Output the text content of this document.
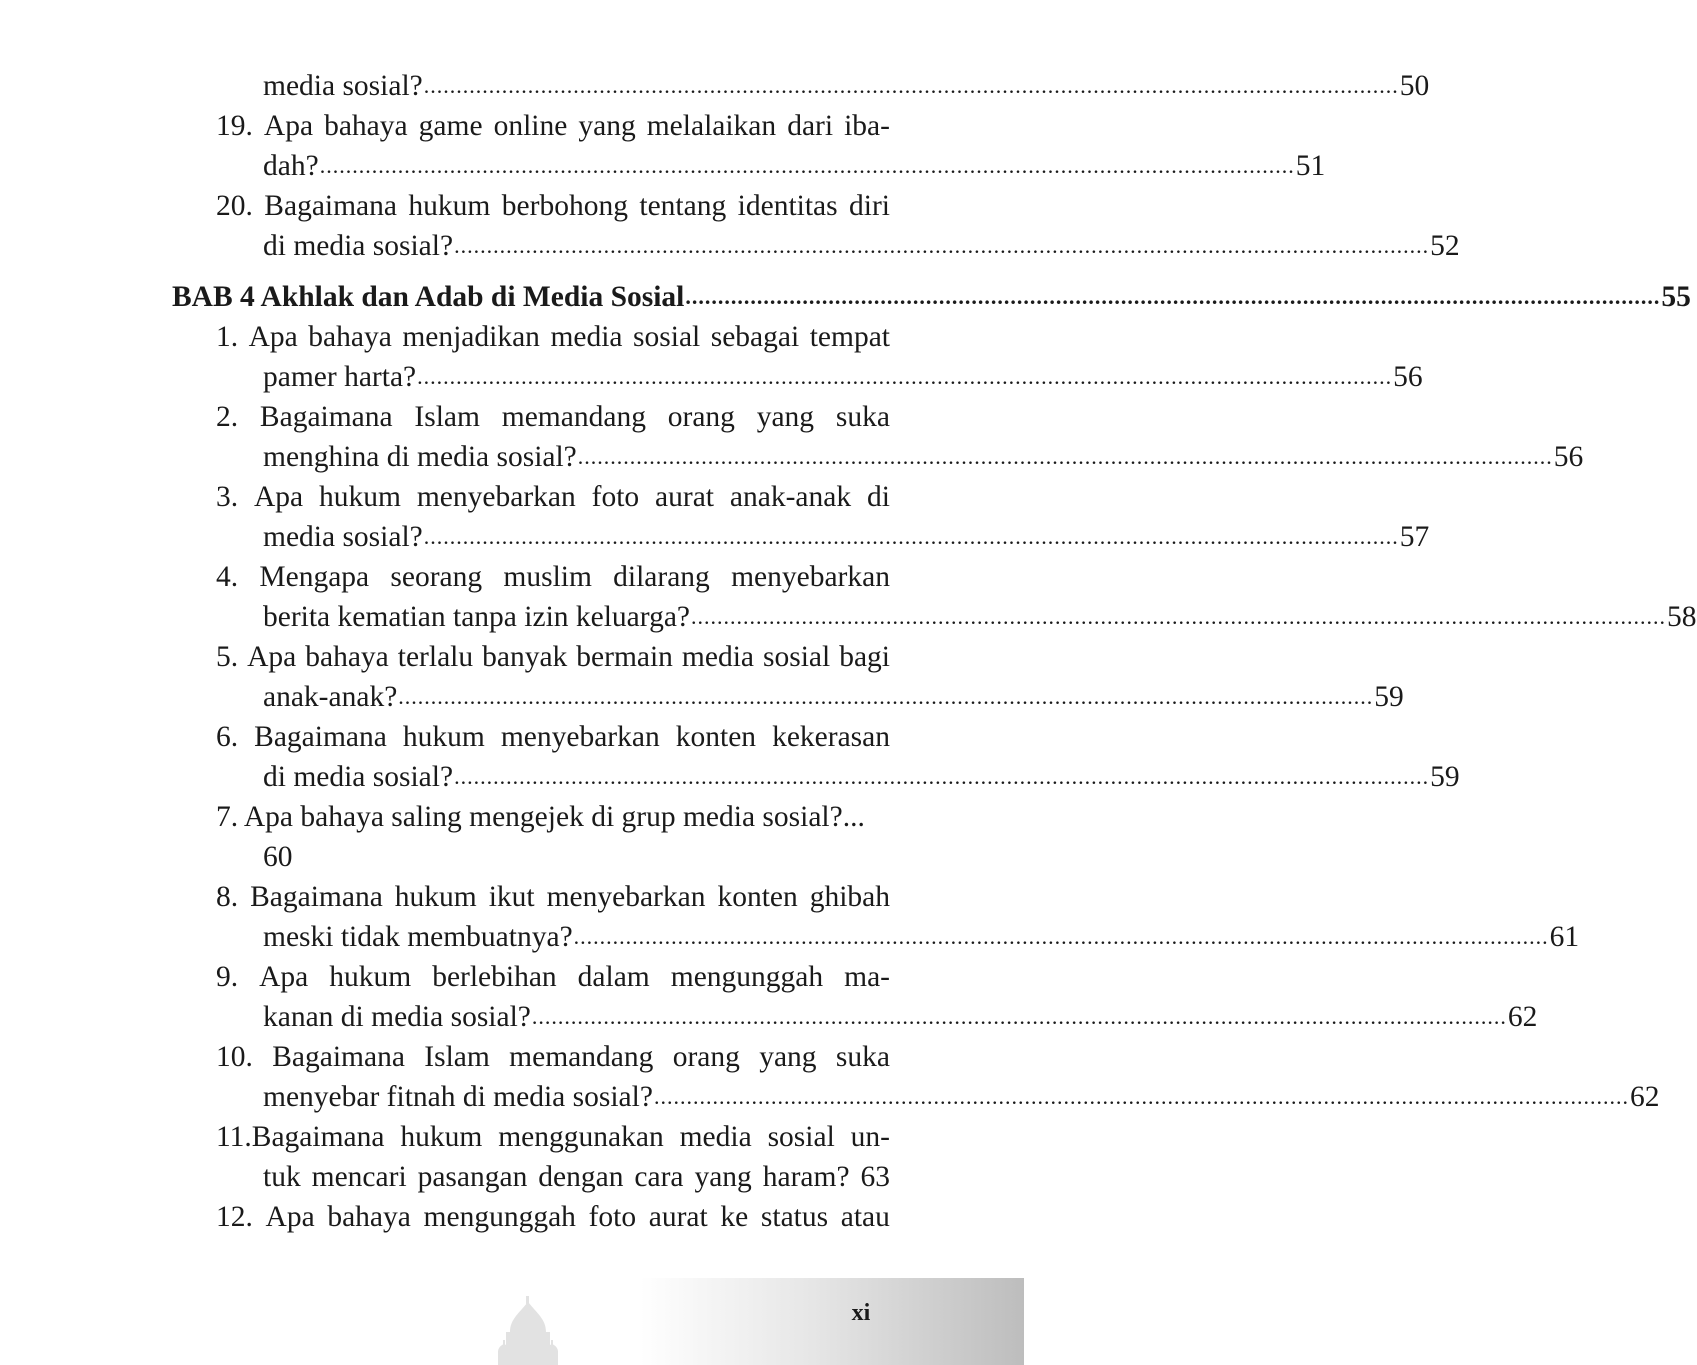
media sosial? ...................................................................................................................................................... 50
19. Apa bahaya game online yang melalaikan dari iba-
dah? ...................................................................................................................................................... 51
20. Bagaimana hukum berbohong tentang identitas diri
di media sosial? ...................................................................................................................................................... 52
BAB 4 Akhlak dan Adab di Media Sosial ...................................................................................................................................................... 55
1. Apa bahaya menjadikan media sosial sebagai tempat
pamer harta? ...................................................................................................................................................... 56
2. Bagaimana Islam memandang orang yang suka
menghina di media sosial? ...................................................................................................................................................... 56
3. Apa hukum menyebarkan foto aurat anak-anak di
media sosial? ...................................................................................................................................................... 57
4. Mengapa seorang muslim dilarang menyebarkan
berita kematian tanpa izin keluarga? ...................................................................................................................................................... 58
5. Apa bahaya terlalu banyak bermain media sosial bagi
anak-anak? ...................................................................................................................................................... 59
6. Bagaimana hukum menyebarkan konten kekerasan
di media sosial? ...................................................................................................................................................... 59
7. Apa bahaya saling mengejek di grup media sosial?...
60
8. Bagaimana hukum ikut menyebarkan konten ghibah
meski tidak membuatnya? ...................................................................................................................................................... 61
9. Apa hukum berlebihan dalam mengunggah ma-
kanan di media sosial? ...................................................................................................................................................... 62
10. Bagaimana Islam memandang orang yang suka
menyebar fitnah di media sosial? ...................................................................................................................................................... 62
11.Bagaimana hukum menggunakan media sosial un-
tuk mencari pasangan dengan cara yang haram? 63
12. Apa bahaya mengunggah foto aurat ke status atau
xi
